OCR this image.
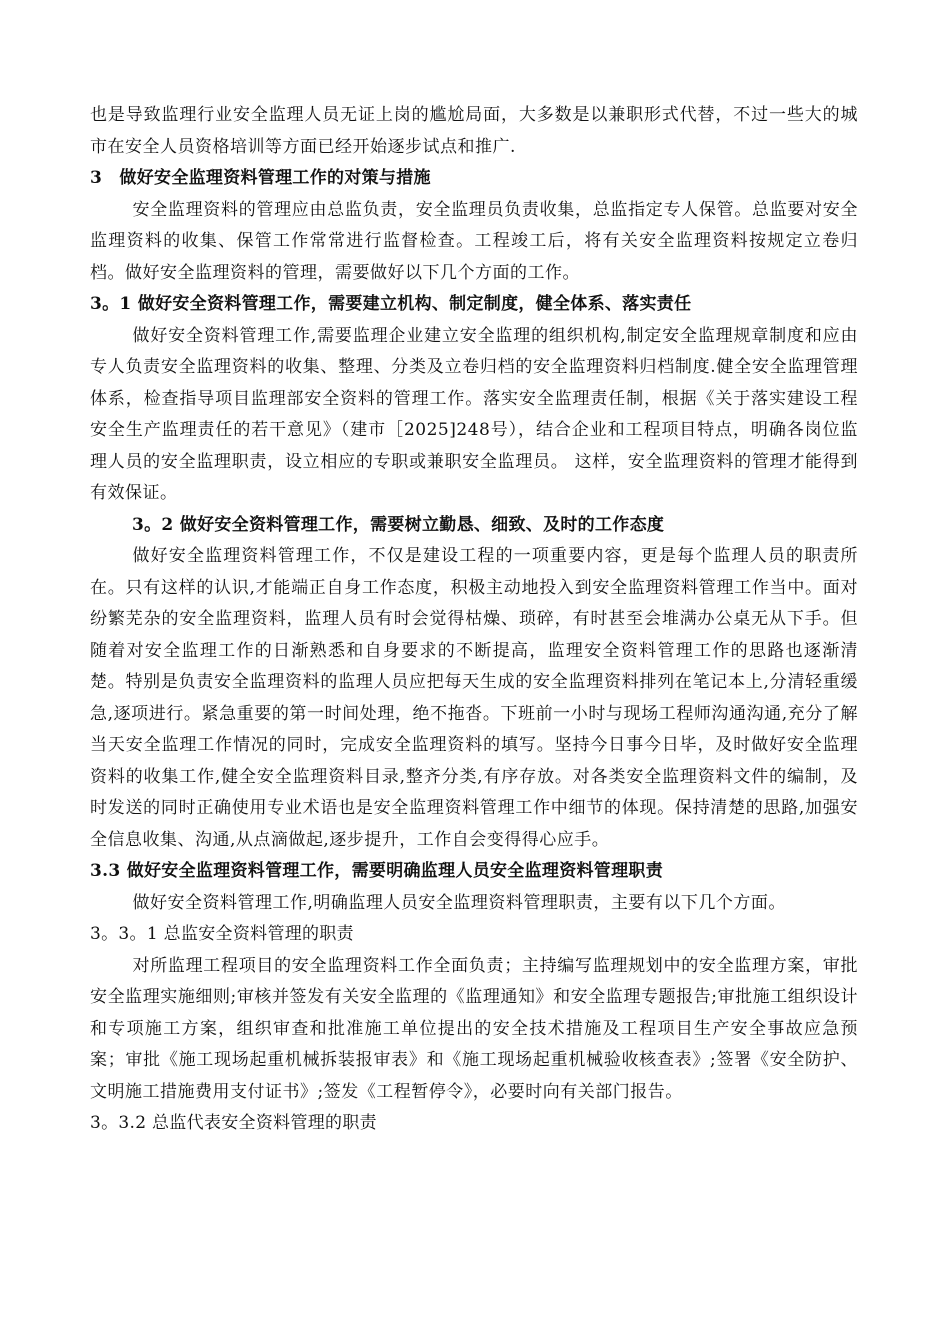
也是导致监理行业安全监理人员无证上岗的尴尬局面，大多数是以兼职形式代替，不过一些大的城市在安全人员资格培训等方面已经开始逐步试点和推广.

3　做好安全监理资料管理工作的对策与措施

安全监理资料的管理应由总监负责，安全监理员负责收集，总监指定专人保管。总监要对安全监理资料的收集、保管工作常常进行监督检查。工程竣工后，将有关安全监理资料按规定立卷归档。做好安全监理资料的管理，需要做好以下几个方面的工作。

3。1 做好安全资料管理工作，需要建立机构、制定制度，健全体系、落实责任

做好安全资料管理工作,需要监理企业建立安全监理的组织机构,制定安全监理规章制度和应由专人负责安全监理资料的收集、整理、分类及立卷归档的安全监理资料归档制度.健全安全监理管理体系，检查指导项目监理部安全资料的管理工作。落实安全监理责任制，根据《关于落实建设工程安全生产监理责任的若干意见》（建市［2025]248号），结合企业和工程项目特点，明确各岗位监理人员的安全监理职责，设立相应的专职或兼职安全监理员。 这样，安全监理资料的管理才能得到有效保证。

3。2 做好安全资料管理工作，需要树立勤恳、细致、及时的工作态度

做好安全监理资料管理工作，不仅是建设工程的一项重要内容，更是每个监理人员的职责所在。只有这样的认识,才能端正自身工作态度，积极主动地投入到安全监理资料管理工作当中。面对纷繁芜杂的安全监理资料，监理人员有时会觉得枯燥、琐碎，有时甚至会堆满办公桌无从下手。但随着对安全监理工作的日渐熟悉和自身要求的不断提高，监理安全资料管理工作的思路也逐渐清楚。特别是负责安全监理资料的监理人员应把每天生成的安全监理资料排列在笔记本上,分清轻重缓急,逐项进行。紧急重要的第一时间处理，绝不拖沓。下班前一小时与现场工程师沟通沟通,充分了解当天安全监理工作情况的同时，完成安全监理资料的填写。坚持今日事今日毕，及时做好安全监理资料的收集工作,健全安全监理资料目录,整齐分类,有序存放。对各类安全监理资料文件的编制，及时发送的同时正确使用专业术语也是安全监理资料管理工作中细节的体现。保持清楚的思路,加强安全信息收集、沟通,从点滴做起,逐步提升，工作自会变得得心应手。

3.3 做好安全监理资料管理工作，需要明确监理人员安全监理资料管理职责

做好安全资料管理工作,明确监理人员安全监理资料管理职责，主要有以下几个方面。

3。3。1 总监安全资料管理的职责

对所监理工程项目的安全监理资料工作全面负责；主持编写监理规划中的安全监理方案，审批安全监理实施细则;审核并签发有关安全监理的《监理通知》和安全监理专题报告;审批施工组织设计和专项施工方案，组织审查和批准施工单位提出的安全技术措施及工程项目生产安全事故应急预案；审批《施工现场起重机械拆装报审表》和《施工现场起重机械验收核查表》;签署《安全防护、文明施工措施费用支付证书》;签发《工程暂停令》，必要时向有关部门报告。

3。3.2 总监代表安全资料管理的职责
